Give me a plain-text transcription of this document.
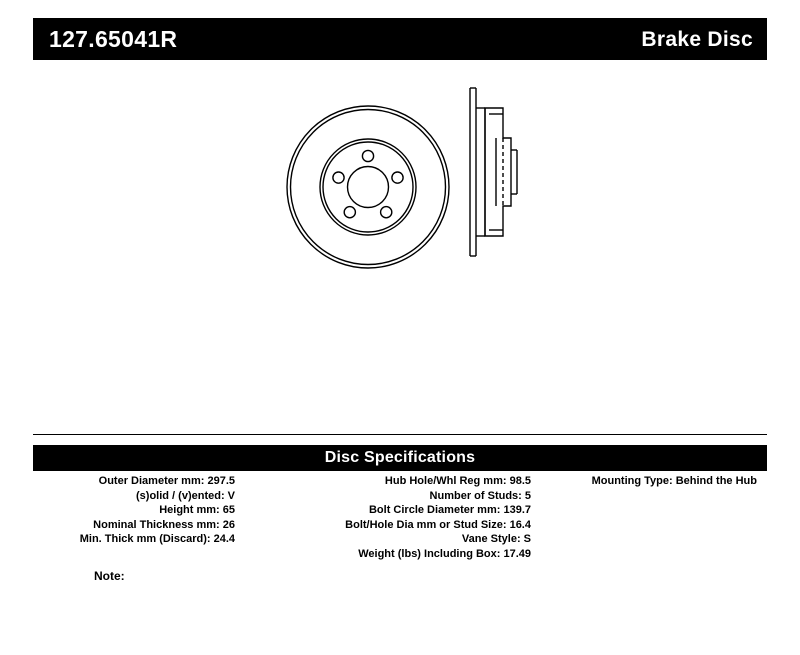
127.65041R	Brake Disc
Disc Specifications
Outer Diameter mm: 297.5
(s)olid / (v)ented: V
Height mm: 65
Nominal Thickness mm: 26
Min. Thick mm (Discard): 24.4
Hub Hole/Whl Reg mm: 98.5
Number of Studs: 5
Bolt Circle Diameter mm: 139.7
Bolt/Hole Dia mm or Stud Size: 16.4
Vane Style: S
Weight (lbs) Including Box: 17.49
Mounting Type: Behind the Hub
Note:
